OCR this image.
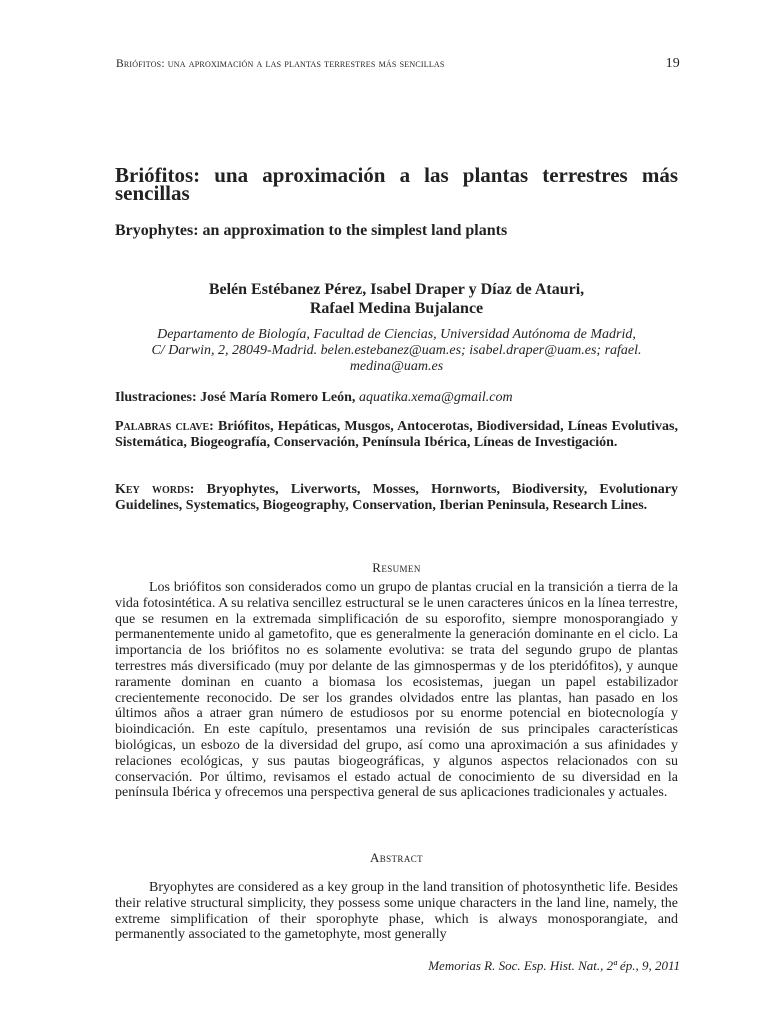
Briófitos: una aproximación a las plantas terrestres más sencillas	19
Briófitos: una aproximación a las plantas terrestres más sencillas
Bryophytes: an approximation to the simplest land plants
Belén Estébanez Pérez, Isabel Draper y Díaz de Atauri,
Rafael Medina Bujalance
Departamento de Biología, Facultad de Ciencias, Universidad Autónoma de Madrid,
C/ Darwin, 2, 28049-Madrid. belen.estebanez@uam.es; isabel.draper@uam.es; rafael.
medina@uam.es
Ilustraciones: José María Romero León, aquatika.xema@gmail.com
Palabras clave: Briófitos, Hepáticas, Musgos, Antocerotas, Biodiversidad, Líneas Evolutivas, Sistemática, Biogeografía, Conservación, Península Ibérica, Líneas de Investigación.
Key words: Bryophytes, Liverworts, Mosses, Hornworts, Biodiversity, Evolutionary Guidelines, Systematics, Biogeography, Conservation, Iberian Peninsula, Research Lines.
Resumen
Los briófitos son considerados como un grupo de plantas crucial en la transición a tierra de la vida fotosintética. A su relativa sencillez estructural se le unen caracteres únicos en la línea terrestre, que se resumen en la extremada simplificación de su esporofito, siempre monosporangiado y permanentemente unido al gametofito, que es generalmente la generación dominante en el ciclo. La importancia de los briófitos no es solamente evolutiva: se trata del segundo grupo de plantas terrestres más diversificado (muy por delante de las gimnospermas y de los pteridófitos), y aunque raramente dominan en cuanto a biomasa los ecosistemas, juegan un papel estabilizador crecientemente reconocido. De ser los grandes olvidados entre las plantas, han pasado en los últimos años a atraer gran número de estudiosos por su enorme potencial en biotecnología y bioindicación. En este capítulo, presentamos una revisión de sus principales características biológicas, un esbozo de la diversidad del grupo, así como una aproximación a sus afinidades y relaciones ecológicas, y sus pautas biogeográficas, y algunos aspectos relacionados con su conservación. Por último, revisamos el estado actual de conocimiento de su diversidad en la península Ibérica y ofrecemos una perspectiva general de sus aplicaciones tradicionales y actuales.
Abstract
Bryophytes are considered as a key group in the land transition of photosynthetic life. Besides their relative structural simplicity, they possess some unique characters in the land line, namely, the extreme simplification of their sporophyte phase, which is always monosporangiate, and permanently associated to the gametophyte, most generally
Memorias R. Soc. Esp. Hist. Nat., 2ª ép., 9, 2011
